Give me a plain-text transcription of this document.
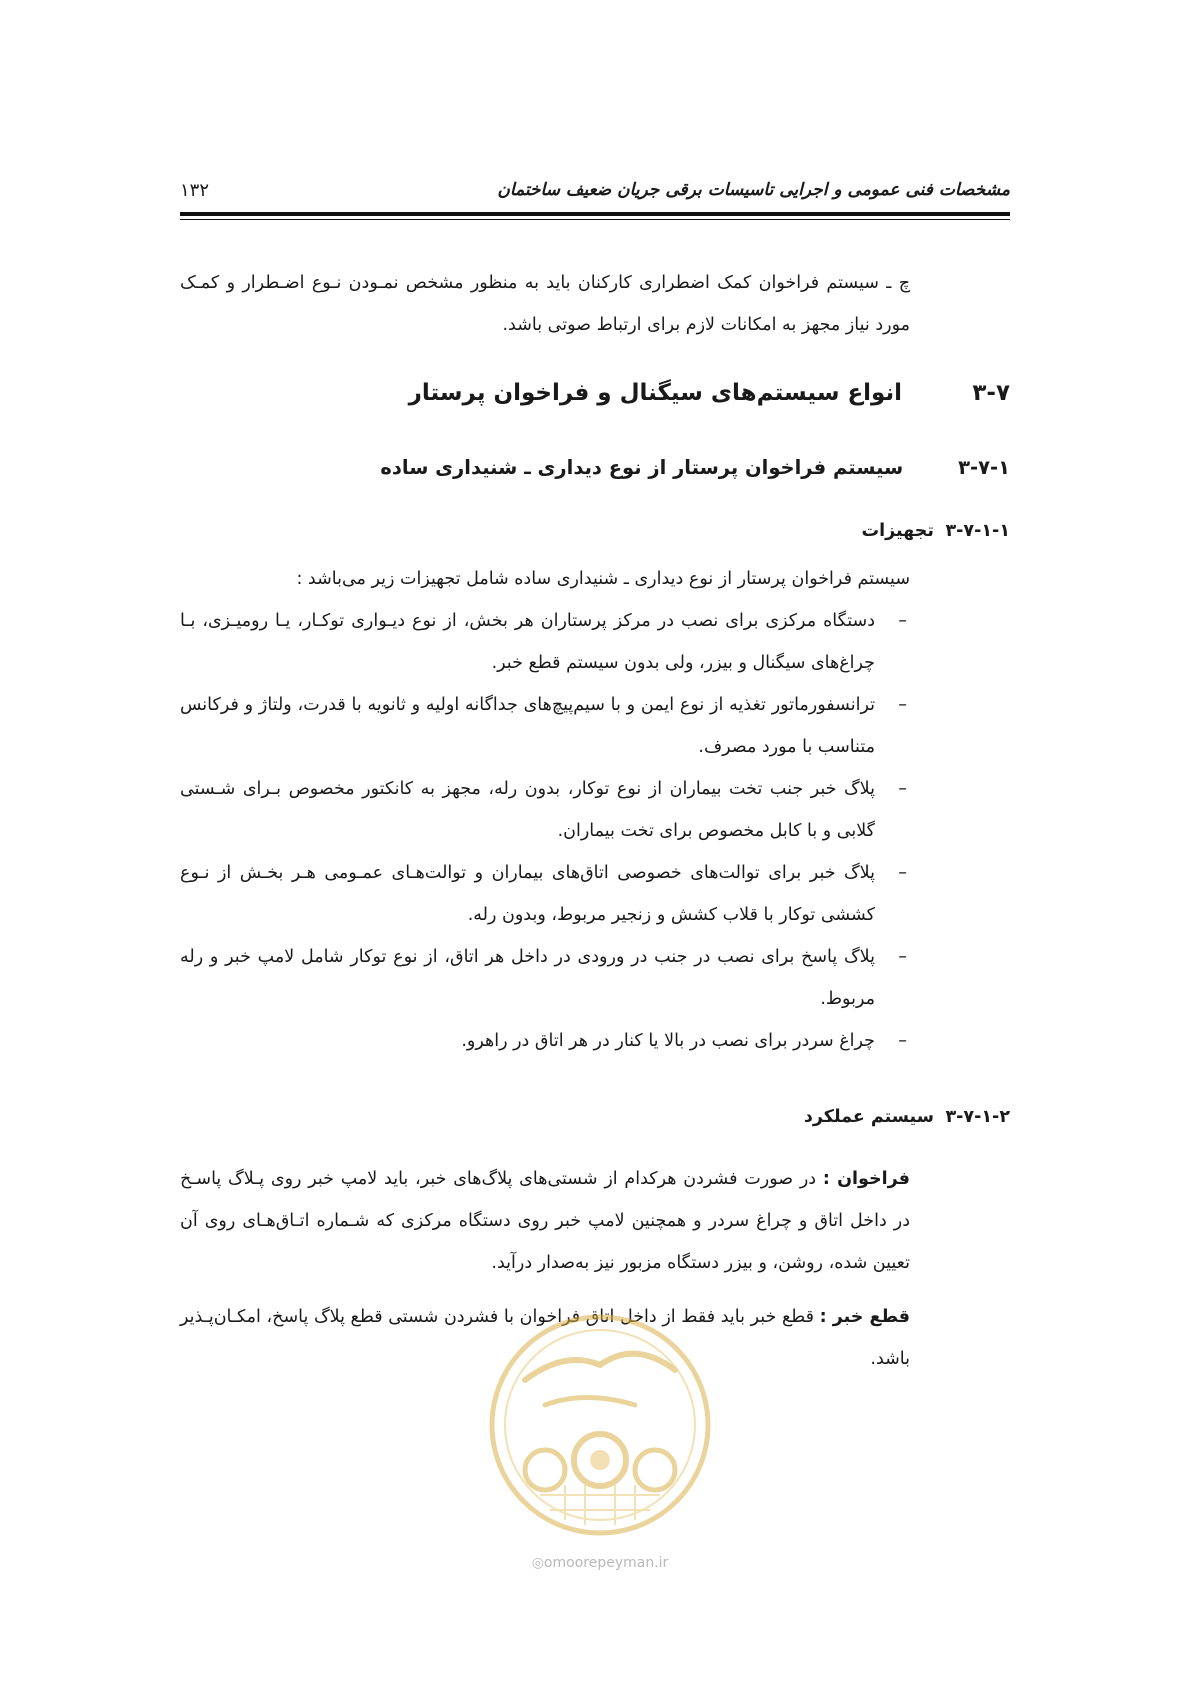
مشخصات فنی عمومی و اجرایی تاسیسات برقی جریان ضعیف ساختمان
۱۳۲

چ ـ سیستم فراخوان کمک اضطراری کارکنان باید به منظور مشخص نمـودن نـوع اضـطرار و کمـک مورد نیاز مجهز به امکانات لازم برای ارتباط صوتی باشد.

۳-۷ انواع سیستم‌های سیگنال و فراخوان پرستار
۳-۷-۱ سیستم فراخوان پرستار از نوع دیداری ـ شنیداری ساده
۳-۷-۱-۱ تجهیزات

سیستم فراخوان پرستار از نوع دیداری ـ شنیداری ساده شامل تجهیزات زیر می‌باشد :

–
دستگاه مرکزی برای نصب در مرکز پرستاران هر بخش، از نوع دیـواری توکـار، یـا رومیـزی، بـا چراغ‌های سیگنال و بیزر، ولی بدون سیستم قطع خبر.
–
ترانسفورماتور تغذیه از نوع ایمن و با سیم‌پیچ‌های جداگانه اولیه و ثانویه با قدرت، ولتاژ و فرکانس متناسب با مورد مصرف.
–
پلاگ خبر جنب تخت بیماران از نوع توکار، بدون رله، مجهز به کانکتور مخصوص بـرای شـستی گلابی و با کابل مخصوص برای تخت بیماران.
–
پلاگ خبر برای توالت‌های خصوصی اتاق‌های بیماران و توالت‌هـای عمـومی هـر بخـش از نـوع کششی توکار با قلاب کشش و زنجیر مربوط، وبدون رله.
–
پلاگ پاسخ برای نصب در جنب در ورودی در داخل هر اتاق، از نوع توکار شامل لامپ خبر و رله مربوط.
–
چراغ سردر برای نصب در بالا یا کنار در هر اتاق در راهرو.
۳-۷-۱-۲ سیستم عملکرد

فراخوان : در صورت فشردن هرکدام از شستی‌های پلاگ‌های خبر، باید لامپ خبر روی پـلاگ پاسـخ در داخل اتاق و چراغ سردر و همچنین لامپ خبر روی دستگاه مرکزی که شـماره اتـاق‌هـای روی آن تعیین شده، روشن، و بیزر دستگاه مزبور نیز به‌صدار درآید.

قطع خبر : قطع خبر باید فقط از داخل اتاق فراخوان با فشردن شستی قطع پلاگ پاسخ، امکـان‌پـذیر باشد.

◎omoorepeyman.ir
